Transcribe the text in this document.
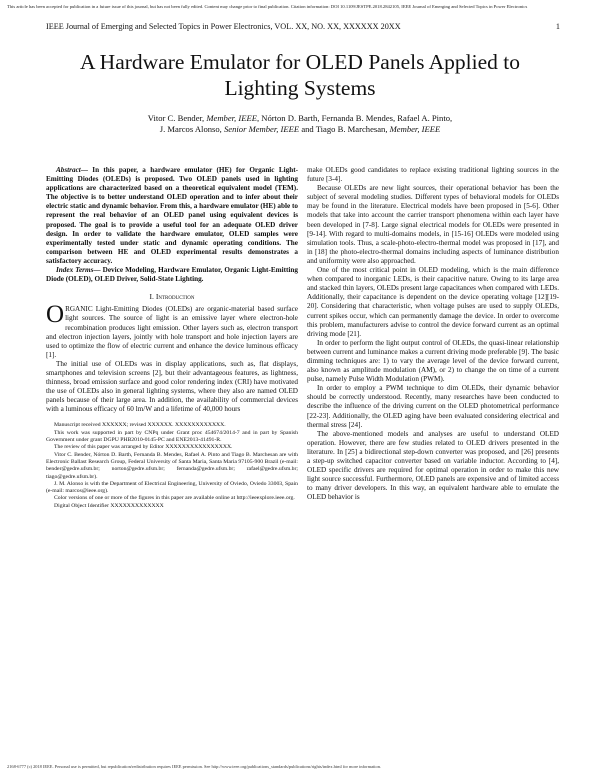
This article has been accepted for publication in a future issue of this journal, but has not been fully edited. Content may change prior to final publication. Citation information: DOI 10.1109/JESTPE.2018.2842105, IEEE Journal of Emerging and Selected Topics in Power Electronics
IEEE Journal of Emerging and Selected Topics in Power Electronics, VOL. XX, NO. XX, XXXXXX 20XX	1
A Hardware Emulator for OLED Panels Applied to Lighting Systems
Vitor C. Bender, Member, IEEE, Nórton D. Barth, Fernanda B. Mendes, Rafael A. Pinto,
J. Marcos Alonso, Senior Member, IEEE and Tiago B. Marchesan, Member, IEEE

Abstract— In this paper, a hardware emulator (HE) for Organic Light-Emitting Diodes (OLEDs) is proposed. Two OLED panels used in lighting applications are characterized based on a theoretical equivalent model (TEM). The objective is to better understand OLED operation and to infer about their electric static and dynamic behavior. From this, a hardware emulator (HE) able to represent the real behavior of an OLED panel using equivalent devices is proposed. The goal is to provide a useful tool for an adequate OLED driver design. In order to validate the hardware emulator, OLED samples were experimentally tested under static and dynamic operating conditions. The comparison between HE and OLED experimental results demonstrates a satisfactory accuracy.

Index Terms— Device Modeling, Hardware Emulator, Organic Light-Emitting Diode (OLED), OLED Driver, Solid-State Lighting.

I. Introduction

ORGANIC Light-Emitting Diodes (OLEDs) are organic-material based surface light sources. The source of light is an emissive layer where electron-hole recombination produces light emission. Other layers such as, electron transport and electron injection layers, jointly with hole transport and hole injection layers are used to optimize the flow of electric current and enhance the device luminous efficacy [1].

The initial use of OLEDs was in display applications, such as, flat displays, smartphones and television screens [2], but their advantageous features, as lightness, thinness, broad emission surface and good color rendering index (CRI) have motivated the use of OLEDs also in general lighting systems, where they also are named OLED panels because of their large area. In addition, the availability of commercial devices with a luminous efficacy of 60 lm/W and a lifetime of 40,000 hours

Manuscript received XXXXXX; revised XXXXXX. XXXXXXXXXXXX.

This work was supported in part by CNPq under Grant proc 454674/2014-7 and in part by Spanish Government under grant DGPU PHB2010-0145-PC and ENE2013-41491-R.

The review of this paper was arranged by Editor XXXXXXXXXXXXXXXX.

Vitor C. Bender, Nórton D. Barth, Fernanda B. Mendes, Rafael A. Pinto and Tiago B. Marchesan are with Electronic Ballast Research Group, Federal University of Santa Maria, Santa Maria 97105-900 Brazil (e-mail: bender@gedre.ufsm.br; norton@gedre.ufsm.br; fernanda@gedre.ufsm.br; rafael@gedre.ufsm.br; tiago@gedre.ufsm.br).

J. M. Alonso is with the Department of Electrical Engineering, University of Oviedo, Oviedo 33003, Spain (e-mail: marcos@ieee.org).

Color versions of one or more of the figures in this paper are available online at http://ieeexplore.ieee.org.

Digital Object Identifier XXXXXXXXXXXXX

make OLEDs good candidates to replace existing traditional lighting sources in the future [3-4].

Because OLEDs are new light sources, their operational behavior has been the subject of several modeling studies. Different types of behavioral models for OLEDs may be found in the literature. Electrical models have been proposed in [5-6]. Other models that take into account the carrier transport phenomena within each layer have been developed in [7-8]. Large signal electrical models for OLEDs were presented in [9-14]. With regard to multi-domains models, in [15-16] OLEDs were modeled using simulation tools. Thus, a scale-photo-electro-thermal model was proposed in [17], and in [18] the photo-electro-thermal domains including aspects of luminance distribution and uniformity were also approached.

One of the most critical point in OLED modeling, which is the main difference when compared to inorganic LEDs, is their capacitive nature. Owing to its large area and stacked thin layers, OLEDs present large capacitances when compared with LEDs. Additionally, their capacitance is dependent on the device operating voltage [12][19-20]. Considering that characteristic, when voltage pulses are used to supply OLEDs, current spikes occur, which can permanently damage the device. In order to overcome this problem, manufacturers advise to control the device forward current as an optimal driving mode [21].

In order to perform the light output control of OLEDs, the quasi-linear relationship between current and luminance makes a current driving mode preferable [9]. The basic dimming techniques are: 1) to vary the average level of the device forward current, also known as amplitude modulation (AM), or 2) to change the on time of a current pulse, namely Pulse Width Modulation (PWM).

In order to employ a PWM technique to dim OLEDs, their dynamic behavior should be correctly understood. Recently, many researches have been conducted to describe the influence of the driving current on the OLED photometrical performance [22-23]. Additionally, the OLED aging have been evaluated considering electrical and thermal stress [24].

The above-mentioned models and analyses are useful to understand OLED operation. However, there are few studies related to OLED drivers presented in the literature. In [25] a bidirectional step-down converter was proposed, and [26] presents a step-up switched capacitor converter based on variable inductor. According to [4], OLED specific drivers are required for optimal operation in order to make this new light source successful. Furthermore, OLED panels are expensive and of limited access to many driver developers. In this way, an equivalent hardware able to emulate the OLED behavior is

2168-6777 (c) 2018 IEEE. Personal use is permitted, but republication/redistribution requires IEEE permission. See http://www.ieee.org/publications_standards/publications/rights/index.html for more information.
